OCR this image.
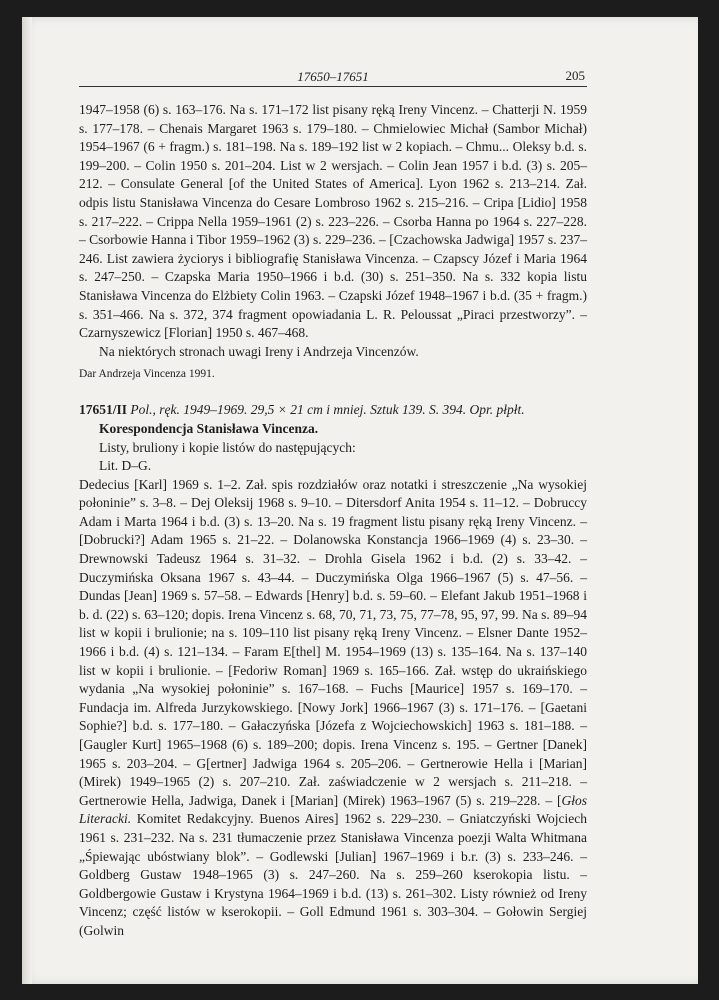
17650–17651	205

1947–1958 (6) s. 163–176. Na s. 171–172 list pisany ręką Ireny Vincenz. – Chatterji N. 1959 s. 177–178. – Chenais Margaret 1963 s. 179–180. – Chmielowiec Michał (Sambor Michał) 1954–1967 (6 + fragm.) s. 181–198. Na s. 189–192 list w 2 kopiach. – Chmu... Oleksy b.d. s. 199–200. – Colin 1950 s. 201–204. List w 2 wersjach. – Colin Jean 1957 i b.d. (3) s. 205–212. – Consulate General [of the United States of America]. Lyon 1962 s. 213–214. Zał. odpis listu Stanisława Vincenza do Cesare Lombroso 1962 s. 215–216. – Cripa [Lidio] 1958 s. 217–222. – Crippa Nella 1959–1961 (2) s. 223–226. – Csorba Hanna po 1964 s. 227–228. – Csorbowie Hanna i Tibor 1959–1962 (3) s. 229–236. – [Czachowska Jadwiga] 1957 s. 237–246. List zawiera życiorys i bibliografię Stanisława Vincenza. – Czapscy Józef i Maria 1964 s. 247–250. – Czapska Maria 1950–1966 i b.d. (30) s. 251–350. Na s. 332 kopia listu Stanisława Vincenza do Elżbiety Colin 1963. – Czapski Józef 1948–1967 i b.d. (35 + fragm.) s. 351–466. Na s. 372, 374 fragment opowiadania L. R. Peloussat „Piraci przestworzy”. – Czarnyszewicz [Florian] 1950 s. 467–468.

Na niektórych stronach uwagi Ireny i Andrzeja Vincenzów.

Dar Andrzeja Vincenza 1991.

17651/II Pol., ręk. 1949–1969. 29,5 × 21 cm i mniej. Sztuk 139. S. 394. Opr. płpłt.

Korespondencja Stanisława Vincenza.

Listy, bruliony i kopie listów do następujących:

Lit. D–G.

Dedecius [Karl] 1969 s. 1–2. Zał. spis rozdziałów oraz notatki i streszczenie „Na wysokiej połoninie” s. 3–8. – Dej Oleksij 1968 s. 9–10. – Ditersdorf Anita 1954 s. 11–12. – Dobruccy Adam i Marta 1964 i b.d. (3) s. 13–20. Na s. 19 fragment listu pisany ręką Ireny Vincenz. – [Dobrucki?] Adam 1965 s. 21–22. – Dolanowska Konstancja 1966–1969 (4) s. 23–30. – Drewnowski Tadeusz 1964 s. 31–32. – Drohla Gisela 1962 i b.d. (2) s. 33–42. – Duczymińska Oksana 1967 s. 43–44. – Duczymińska Olga 1966–1967 (5) s. 47–56. – Dundas [Jean] 1969 s. 57–58. – Edwards [Henry] b.d. s. 59–60. – Elefant Jakub 1951–1968 i b. d. (22) s. 63–120; dopis. Irena Vincenz s. 68, 70, 71, 73, 75, 77–78, 95, 97, 99. Na s. 89–94 list w kopii i brulionie; na s. 109–110 list pisany ręką Ireny Vincenz. – Elsner Dante 1952–1966 i b.d. (4) s. 121–134. – Faram E[thel] M. 1954–1969 (13) s. 135–164. Na s. 137–140 list w kopii i brulionie. – [Fedoriw Roman] 1969 s. 165–166. Zał. wstęp do ukraińskiego wydania „Na wysokiej połoninie” s. 167–168. – Fuchs [Maurice] 1957 s. 169–170. – Fundacja im. Alfreda Jurzykowskiego. [Nowy Jork] 1966–1967 (3) s. 171–176. – [Gaetani Sophie?] b.d. s. 177–180. – Gałaczyńska [Józefa z Wojciechowskich] 1963 s. 181–188. – [Gaugler Kurt] 1965–1968 (6) s. 189–200; dopis. Irena Vincenz s. 195. – Gertner [Danek] 1965 s. 203–204. – G[ertner] Jadwiga 1964 s. 205–206. – Gertnerowie Hella i [Marian] (Mirek) 1949–1965 (2) s. 207–210. Zał. zaświadczenie w 2 wersjach s. 211–218. – Gertnerowie Hella, Jadwiga, Danek i [Marian] (Mirek) 1963–1967 (5) s. 219–228. – [Głos Literacki. Komitet Redakcyjny. Buenos Aires] 1962 s. 229–230. – Gniatczyński Wojciech 1961 s. 231–232. Na s. 231 tłumaczenie przez Stanisława Vincenza poezji Walta Whitmana „Śpiewając ubóstwiany blok”. – Godlewski [Julian] 1967–1969 i b.r. (3) s. 233–246. – Goldberg Gustaw 1948–1965 (3) s. 247–260. Na s. 259–260 kserokopia listu. – Goldbergowie Gustaw i Krystyna 1964–1969 i b.d. (13) s. 261–302. Listy również od Ireny Vincenz; część listów w kserokopii. – Goll Edmund 1961 s. 303–304. – Gołowin Sergiej (Golwin
